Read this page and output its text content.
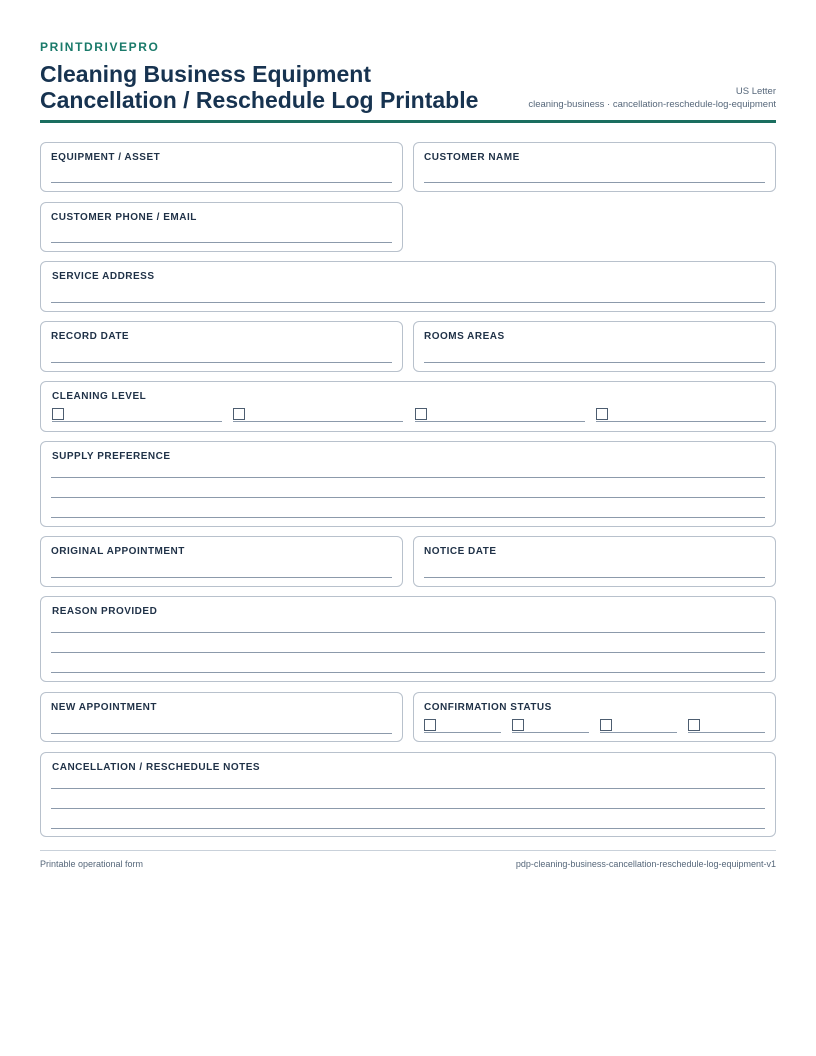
PRINTDRIVEPRO
Cleaning Business Equipment
Cancellation / Reschedule Log Printable	US Letter
cleaning-business · cancellation-reschedule-log-equipment
EQUIPMENT / ASSET	CUSTOMER NAME
CUSTOMER PHONE / EMAIL
SERVICE ADDRESS
RECORD DATE	ROOMS AREAS
CLEANING LEVEL
SUPPLY PREFERENCE
ORIGINAL APPOINTMENT	NOTICE DATE
REASON PROVIDED
NEW APPOINTMENT	CONFIRMATION STATUS
CANCELLATION / RESCHEDULE NOTES
Printable operational form	pdp-cleaning-business-cancellation-reschedule-log-equipment-v1
